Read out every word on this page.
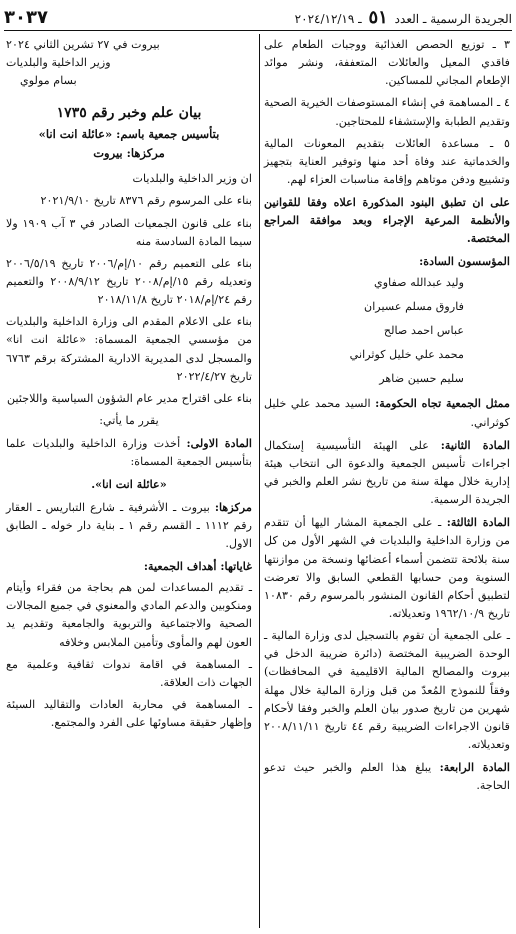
الجريدة الرسمية ـ العدد ٥١ ـ ٢٠٢٤/١٢/١٩
٣٠٣٧

٣ ـ توزيع الحصص الغذائية ووجبات الطعام على فاقدي المعيل والعائلات المتعففة، ونشر موائد الإطعام المجاني للمساكين.

٤ ـ المساهمة في إنشاء المستوصفات الخيرية الصحية وتقديم الطبابة والإستشفاء للمحتاجين.

٥ ـ مساعدة العائلات بتقديم المعونات المالية والخدماتية عند وفاة أحد منها وتوفير العناية بتجهيز وتشييع ودفن موتاهم وإقامة مناسبات العزاء لهم.

على ان تطبق البنود المذكورة اعلاه وفقا للقوانين والأنظمة المرعية الإجراء وبعد موافقة المراجع المختصة.

المؤسسون السادة:

وليد عبدالله صفاوي

فاروق مسلم عسيران

عباس احمد صالح

محمد علي خليل كوثراني

سليم حسين ضاهر

ممثل الجمعية تجاه الحكومة: السيد محمد علي خليل كوثراني.

المادة الثانية: على الهيئة التأسيسية إستكمال اجراءات تأسيس الجمعية والدعوة الى انتخاب هيئة إدارية خلال مهلة سنة من تاريخ نشر العلم والخبر في الجريدة الرسمية.

المادة الثالثة: ـ على الجمعية المشار اليها أن تتقدم من وزارة الداخلية والبلديات في الشهر الأول من كل سنة بلائحة تتضمن أسماء أعضائها ونسخة من موازنتها السنوية ومن حسابها القطعي السابق والا تعرضت لتطبيق أحكام القانون المنشور بالمرسوم رقم ١٠٨٣٠ تاريخ ١٩٦٢/١٠/٩ وتعديلاته.

ـ على الجمعية أن تقوم بالتسجيل لدى وزارة المالية ـ الوحدة الضريبية المختصة (دائرة ضريبة الدخل في بيروت والمصالح المالية الاقليمية في المحافظات) وفقاً للنموذج المُعدّ من قبل وزارة المالية خلال مهلة شهرين من تاريخ صدور بيان العلم والخبر وفقا لأحكام قانون الاجراءات الضريبية رقم ٤٤ تاريخ ٢٠٠٨/١١/١١ وتعديلاته.

المادة الرابعة: يبلغ هذا العلم والخبر حيث تدعو الحاجة.

بيروت في ٢٧ تشرين الثاني ٢٠٢٤

وزير الداخلية والبلديات

بسام مولوي

بيان علم وخبر رقم ١٧٣٥

بتأسيس جمعية باسم: «عائلة انت انا»

مركزها: بيروت

ان وزير الداخلية والبلديات

بناء على المرسوم رقم ٨٣٧٦ تاريخ ٢٠٢١/٩/١٠

بناء على قانون الجمعيات الصادر في ٣ آب ١٩٠٩ ولا سيما المادة السادسة منه

بناء على التعميم رقم ١٠/إم/٢٠٠٦ تاريخ ٢٠٠٦/٥/١٩ وتعديله رقم ١٥/إم/٢٠٠٨ تاريخ ٢٠٠٨/٩/١٢ والتعميم رقم ٢٤/إم/٢٠١٨ تاريخ ٢٠١٨/١١/٨

بناء على الاعلام المقدم الى وزارة الداخلية والبلديات من مؤسسي الجمعية المسماة: «عائلة انت انا» والمسجل لدى المديرية الادارية المشتركة برقم ٦٧٦٣ تاريخ ٢٠٢٢/٤/٢٧

بناء على اقتراح مدير عام الشؤون السياسية واللاجئين

يقرر ما يأتي:

المادة الاولى: أخذت وزارة الداخلية والبلديات علما بتأسيس الجمعية المسماة:

«عائلة انت انا».

مركزها: بيروت ـ الأشرفية ـ شارع التباريس ـ العقار رقم ١١١٢ ـ القسم رقم ١ ـ بناية دار خوله ـ الطابق الاول.

غاياتها: أهداف الجمعية:

ـ تقديم المساعدات لمن هم بحاجة من فقراء وأيتام ومنكوبين والدعم المادي والمعنوي في جميع المجالات الصحية والاجتماعية والتربوية والجامعية وتقديم يد العون لهم والمأوى وتأمين الملابس وخلافه

ـ المساهمة في اقامة ندوات ثقافية وعلمية مع الجهات ذات العلاقة.

ـ المساهمة في محاربة العادات والتقاليد السيئة وإظهار حقيقة مساوئها على الفرد والمجتمع.
